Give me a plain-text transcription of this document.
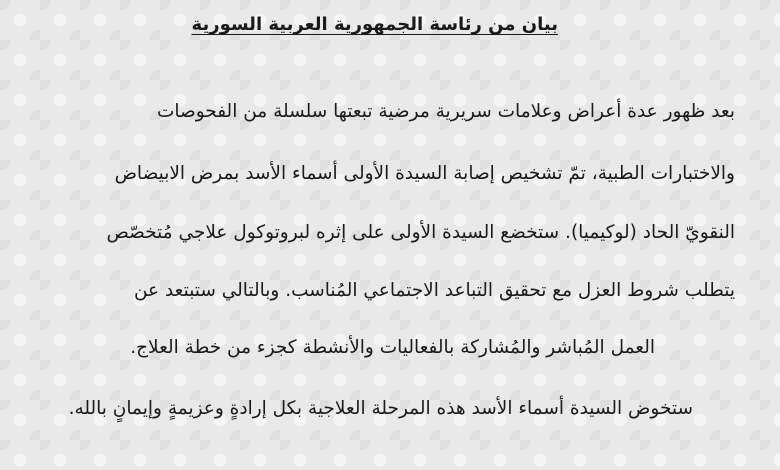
بيان من رئاسة الجمهورية العربية السورية

بعد ظهور عدة أعراض وعلامات سريرية مرضية تبعتها سلسلة من الفحوصات

والاختبارات الطبية، تمّ تشخيص إصابة السيدة الأولى أسماء الأسد بمرض الابيضاض

النقويّ الحاد (لوكيميا). ستخضع السيدة الأولى على إثره لبروتوكول علاجي مُتخصّص

يتطلب شروط العزل مع تحقيق التباعد الاجتماعي المُناسب. وبالتالي ستبتعد عن

العمل المُباشر والمُشاركة بالفعاليات والأنشطة كجزء من خطة العلاج.

ستخوض السيدة أسماء الأسد هذه المرحلة العلاجية بكل إرادةٍ وعزيمةٍ وإيمانٍ بالله.
